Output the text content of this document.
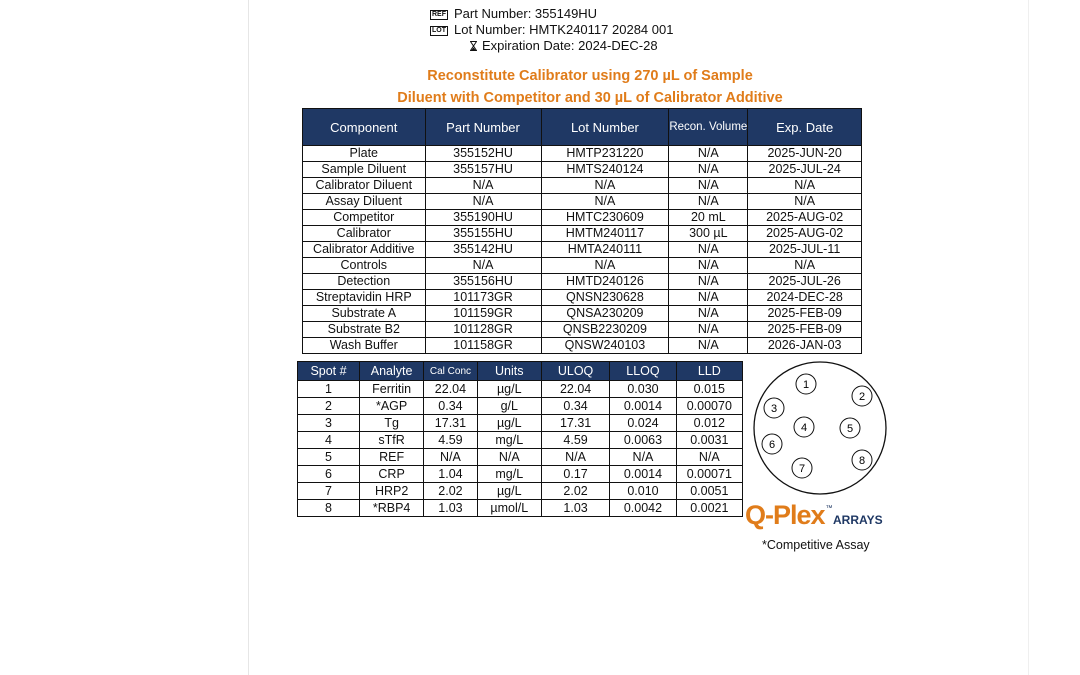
REF Part Number: 355149HU
LOT Lot Number: HMTK240117 20284 001
Expiration Date: 2024-DEC-28
Reconstitute Calibrator using 270 µL of Sample
Diluent with Competitor and 30 µL of Calibrator Additive
Component	Part Number	Lot Number	Recon. Volume	Exp. Date
Plate	355152HU	HMTP231220	N/A	2025-JUN-20
Sample Diluent	355157HU	HMTS240124	N/A	2025-JUL-24
Calibrator Diluent	N/A	N/A	N/A	N/A
Assay Diluent	N/A	N/A	N/A	N/A
Competitor	355190HU	HMTC230609	20 mL	2025-AUG-02
Calibrator	355155HU	HMTM240117	300 µL	2025-AUG-02
Calibrator Additive	355142HU	HMTA240111	N/A	2025-JUL-11
Controls	N/A	N/A	N/A	N/A
Detection	355156HU	HMTD240126	N/A	2025-JUL-26
Streptavidin HRP	101173GR	QNSN230628	N/A	2024-DEC-28
Substrate A	101159GR	QNSA230209	N/A	2025-FEB-09
Substrate B2	101128GR	QNSB2230209	N/A	2025-FEB-09
Wash Buffer	101158GR	QNSW240103	N/A	2026-JAN-03
Spot #	Analyte	Cal Conc	Units	ULOQ	LLOQ	LLD
1	Ferritin	22.04	µg/L	22.04	0.030	0.015
2	*AGP	0.34	g/L	0.34	0.0014	0.00070
3	Tg	17.31	µg/L	17.31	0.024	0.012
4	sTfR	4.59	mg/L	4.59	0.0063	0.0031
5	REF	N/A	N/A	N/A	N/A	N/A
6	CRP	1.04	mg/L	0.17	0.0014	0.00071
7	HRP2	2.02	µg/L	2.02	0.010	0.0051
8	*RBP4	1.03	µmol/L	1.03	0.0042	0.0021
1
2
3
4	5
6
7
8
Q-Plex™ ARRAYS
*Competitive Assay
